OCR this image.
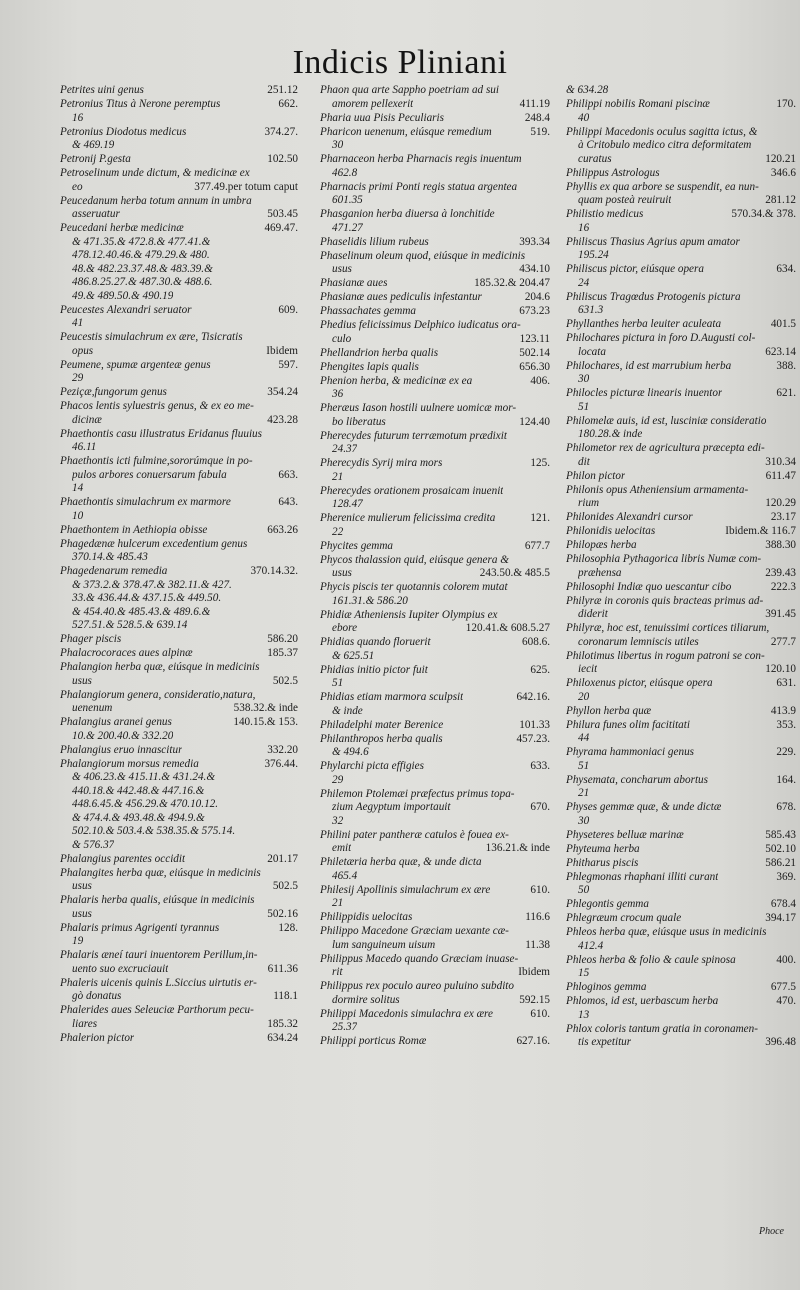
Indicis Pliniani
Petrites uini genus	251.12
Petronius Titus à Nerone peremptus	662.
16
Petronius Diodotus medicus	374.27.
& 469.19
Petronij P.gesta	102.50
Petroselinum unde dictum, & medicinæ ex
eo	377.49.per totum caput
Peucedanum herba totum annum in umbra
asseruatur	503.45
Peucedani herbæ medicinæ	469.47.
& 471.35.& 472.8.& 477.41.&
478.12.40.46.& 479.29.& 480.
48.& 482.23.37.48.& 483.39.&
486.8.25.27.& 487.30.& 488.6.
49.& 489.50.& 490.19
Peucestes Alexandri seruator	609.
41
Peucestis simulachrum ex ære, Tisicratis
opus	Ibidem
Peumene, spumæ argenteæ genus	597.
29
Peziçæ,fungorum genus	354.24
Phacos lentis syluestris genus, & ex eo me-
dicinæ	423.28
Phaethontis casu illustratus Eridanus fluuius
46.11
Phaethontis icti fulmine,sororúmque in po-
pulos arbores conuersarum fabula	663.
14
Phaethontis simulachrum ex marmore	643.
10
Phaethontem in Aethiopia obisse	663.26
Phagedænæ hulcerum excedentium genus
370.14.& 485.43
Phagedenarum remedia	370.14.32.
& 373.2.& 378.47.& 382.11.& 427.
33.& 436.44.& 437.15.& 449.50.
& 454.40.& 485.43.& 489.6.&
527.51.& 528.5.& 639.14
Phager piscis	586.20
Phalacrocoraces aues alpinæ	185.37
Phalangion herba quæ, eiúsque in medicinis
usus	502.5
Phalangiorum genera, consideratio,natura,
uenenum	538.32.& inde
Phalangius aranei genus	140.15.& 153.
10.& 200.40.& 332.20
Phalangius eruo innascitur	332.20
Phalangiorum morsus remedia	376.44.
& 406.23.& 415.11.& 431.24.&
440.18.& 442.48.& 447.16.&
448.6.45.& 456.29.& 470.10.12.
& 474.4.& 493.48.& 494.9.&
502.10.& 503.4.& 538.35.& 575.14.
& 576.37
Phalangius parentes occidit	201.17
Phalangites herba quæ, eiúsque in medicinis
usus	502.5
Phalaris herba qualis, eiúsque in medicinis
usus	502.16
Phalaris primus Agrigenti tyrannus	128.
19
Phalaris æneí tauri inuentorem Perillum,in-
uento suo excruciauit	611.36
Phaleris uicenis quinis L.Siccius uirtutis er-
gò donatus	118.1
Phalerides aues Seleuciæ Parthorum pecu-
liares	185.32
Phalerion pictor	634.24
Phaon qua arte Sappho poetriam ad sui
amorem pellexerit	411.19
Pharia uua Pisis Peculiaris	248.4
Pharicon uenenum, eiúsque remedium	519.
30
Pharnaceon herba Pharnacis regis inuentum
462.8
Pharnacis primi Ponti regis statua argentea
601.35
Phasganion herba diuersa à lonchitide
471.27
Phaselidis lilium rubeus	393.34
Phaselinum oleum quod, eiúsque in medicinis
usus	434.10
Phasianæ aues	185.32.& 204.47
Phasianæ aues pediculis infestantur	204.6
Phassachates gemma	673.23
Phedius felicissimus Delphico iudicatus ora-
culo	123.11
Phellandrion herba qualis	502.14
Phengites lapis qualis	656.30
Phenion herba, & medicinæ ex ea	406.
36
Pheræus Iason hostili uulnere uomicæ mor-
bo liberatus	124.40
Pherecydes futurum terræmotum prædixit
24.37
Pherecydis Syrij mira mors	125.
21
Pherecydes orationem prosaicam inuenit
128.47
Pherenice mulierum felicissima credita	121.
22
Phycites gemma	677.7
Phycos thalassion quid, eiúsque genera &
usus	243.50.& 485.5
Phycis piscis ter quotannis colorem mutat
161.31.& 586.20
Phidiæ Atheniensis Iupiter Olympius ex
ebore	120.41.& 608.5.27
Phidias quando floruerit	608.6.
& 625.51
Phidias initio pictor fuit	625.
51
Phidias etiam marmora sculpsit	642.16.
& inde
Philadelphi mater Berenice	101.33
Philanthropos herba qualis	457.23.
& 494.6
Phylarchi picta effigies	633.
29
Philemon Ptolemæi præfectus primus topa-
zium Aegyptum importauit	670.
32
Philini pater pantheræ catulos è fouea ex-
emit	136.21.& inde
Philetæria herba quæ, & unde dicta
465.4
Philesij Apollinis simulachrum ex ære	610.
21
Philippidis uelocitas	116.6
Philippo Macedone Græciam uexante cæ-
lum sanguineum uisum	11.38
Philippus Macedo quando Græciam inuase-
rit	Ibidem
Philippus rex poculo aureo puluino subdito
dormire solitus	592.15
Philippi Macedonis simulachra ex ære	610.
25.37
Philippi porticus Romæ	627.16.
& 634.28
Philippi nobilis Romani piscinæ	170.
40
Philippi Macedonis oculus sagitta ictus, &
à Critobulo medico citra deformitatem
curatus	120.21
Philippus Astrologus	346.6
Phyllis ex qua arbore se suspendit, ea nun-
quam posteà reuiruit	281.12
Philistio medicus	570.34.& 378.
16
Philiscus Thasius Agrius apum amator
195.24
Philiscus pictor, eiúsque opera	634.
24
Philiscus Tragœdus Protogenis pictura
631.3
Phyllanthes herba leuiter aculeata	401.5
Philochares pictura in foro D.Augusti col-
locata	623.14
Philochares, id est marrubium herba	388.
30
Philocles picturæ linearis inuentor	621.
51
Philomelæ auis, id est, lusciniæ consideratio
180.28.& inde
Philometor rex de agricultura præcepta edi-
dit	310.34
Philon pictor	611.47
Philonis opus Atheniensium armamenta-
rium	120.29
Philonides Alexandri cursor	23.17
Philonidis uelocitas	Ibidem.& 116.7
Philopæs herba	388.30
Philosophia Pythagorica libris Numæ com-
præhensa	239.43
Philosophi Indiæ quo uescantur cibo	222.3
Philyræ in coronis quis bracteas primus ad-
diderit	391.45
Philyræ, hoc est, tenuissimi cortices tiliarum,
coronarum lemniscis utiles	277.7
Philotimus libertus in rogum patroni se con-
iecit	120.10
Philoxenus pictor, eiúsque opera	631.
20
Phyllon herba quæ	413.9
Philura funes olim facititati	353.
44
Phyrama hammoniaci genus	229.
51
Physemata, concharum abortus	164.
21
Physes gemmæ quæ, & unde dictæ	678.
30
Physeteres belluæ marinæ	585.43
Phyteuma herba	502.10
Phitharus piscis	586.21
Phlegmonas rhaphani illiti curant	369.
50
Phlegontis gemma	678.4
Phlegræum crocum quale	394.17
Phleos herba quæ, eiúsque usus in medicinis
412.4
Phleos herba & folio & caule spinosa	400.
15
Phloginos gemma	677.5
Phlomos, id est, uerbascum herba	470.
13
Phlox coloris tantum gratia in coronamen-
tis expetitur	396.48
Phoce
